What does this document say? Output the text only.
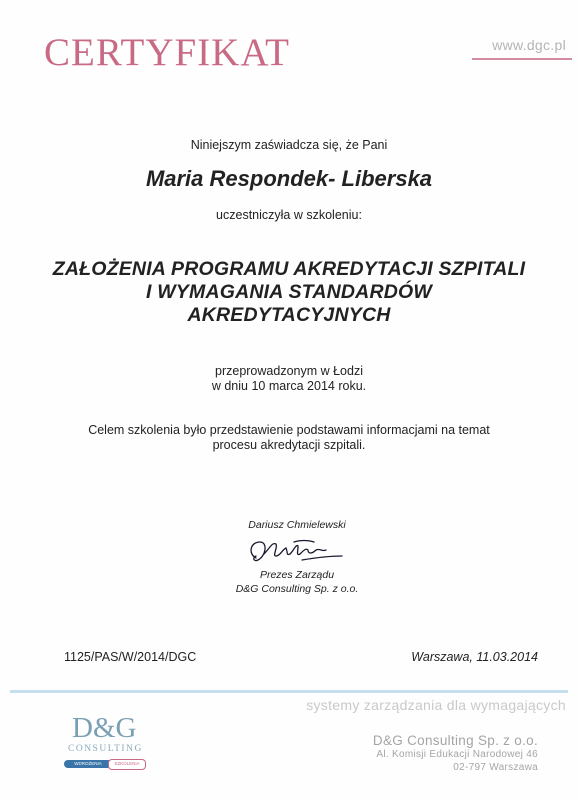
CERTYFIKAT	www.dgc.pl
Niniejszym zaświadcza się, że Pani
Maria Respondek- Liberska
uczestniczyła w szkoleniu:
ZAŁOŻENIA PROGRAMU AKREDYTACJI SZPITALI
I WYMAGANIA STANDARDÓW
AKREDYTACYJNYCH
przeprowadzonym w Łodzi
w dniu 10 marca 2014 roku.
Celem szkolenia było przedstawienie podstawami informacjami na temat
procesu akredytacji szpitali.
Dariusz Chmielewski
Prezes Zarządu
D&G Consulting Sp. z o.o.
1125/PAS/W/2014/DGC	Warszawa, 11.03.2014
systemy zarządzania dla wymagających
D&G
CONSULTING
WDROŻENIA	SZKOLENIA
D&G Consulting Sp. z o.o.
Al. Komisji Edukacji Narodowej 46
02-797 Warszawa
